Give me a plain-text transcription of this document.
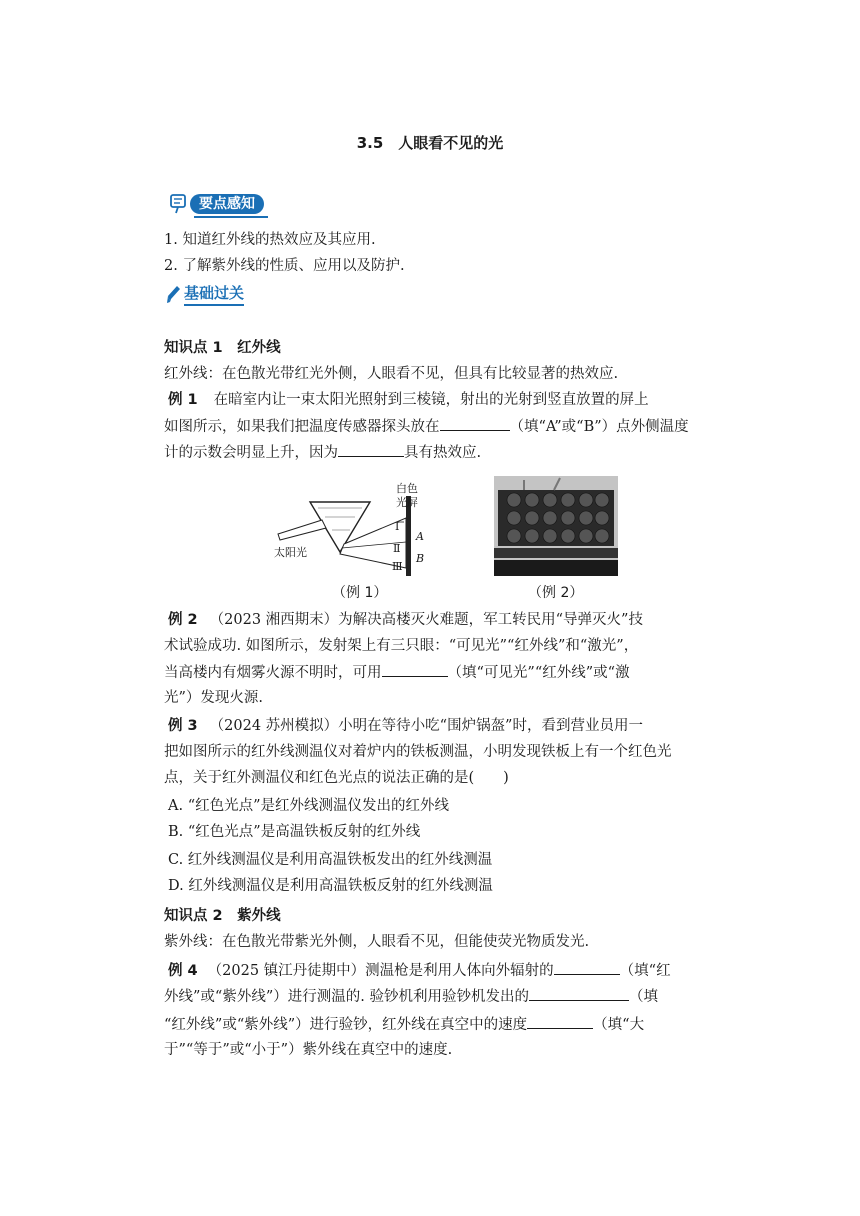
3.5　人眼看不见的光
要点感知
1. 知道红外线的热效应及其应用.
2. 了解紫外线的性质、应用以及防护.
基础过关
知识点 1　红外线
红外线：在色散光带红光外侧，人眼看不见，但具有比较显著的热效应.
例 1 在暗室内让一束太阳光照射到三棱镜，射出的光射到竖直放置的屏上
如图所示，如果我们把温度传感器探头放在	（填“A”或“B”）点外侧温度
计的示数会明显上升，因为	具有热效应.
白色
光屏
太阳光
Ⅰ
Ⅱ
Ⅲ
A
B
（例 1）	（例 2）
例 2 （2023 湘西期末）为解决高楼灭火难题，军工转民用“导弹灭火”技
术试验成功. 如图所示，发射架上有三只眼：“可见光”“红外线”和“激光”，
当高楼内有烟雾火源不明时，可用	（填“可见光”“红外线”或“激
光”）发现火源.
例 3 （2024 苏州模拟）小明在等待小吃“围炉锅盔”时，看到营业员用一
把如图所示的红外线测温仪对着炉内的铁板测温，小明发现铁板上有一个红色光
点，关于红外测温仪和红色光点的说法正确的是(　　)
A. “红色光点”是红外线测温仪发出的红外线
B. “红色光点”是高温铁板反射的红外线
C. 红外线测温仪是利用高温铁板发出的红外线测温
D. 红外线测温仪是利用高温铁板反射的红外线测温
知识点 2　紫外线
紫外线：在色散光带紫光外侧，人眼看不见，但能使荧光物质发光.
例 4 （2025 镇江丹徒期中）测温枪是利用人体向外辐射的	（填“红
外线”或“紫外线”）进行测温的. 验钞机利用验钞机发出的	（填
“红外线”或“紫外线”）进行验钞，红外线在真空中的速度	（填“大
于”“等于”或“小于”）紫外线在真空中的速度.
